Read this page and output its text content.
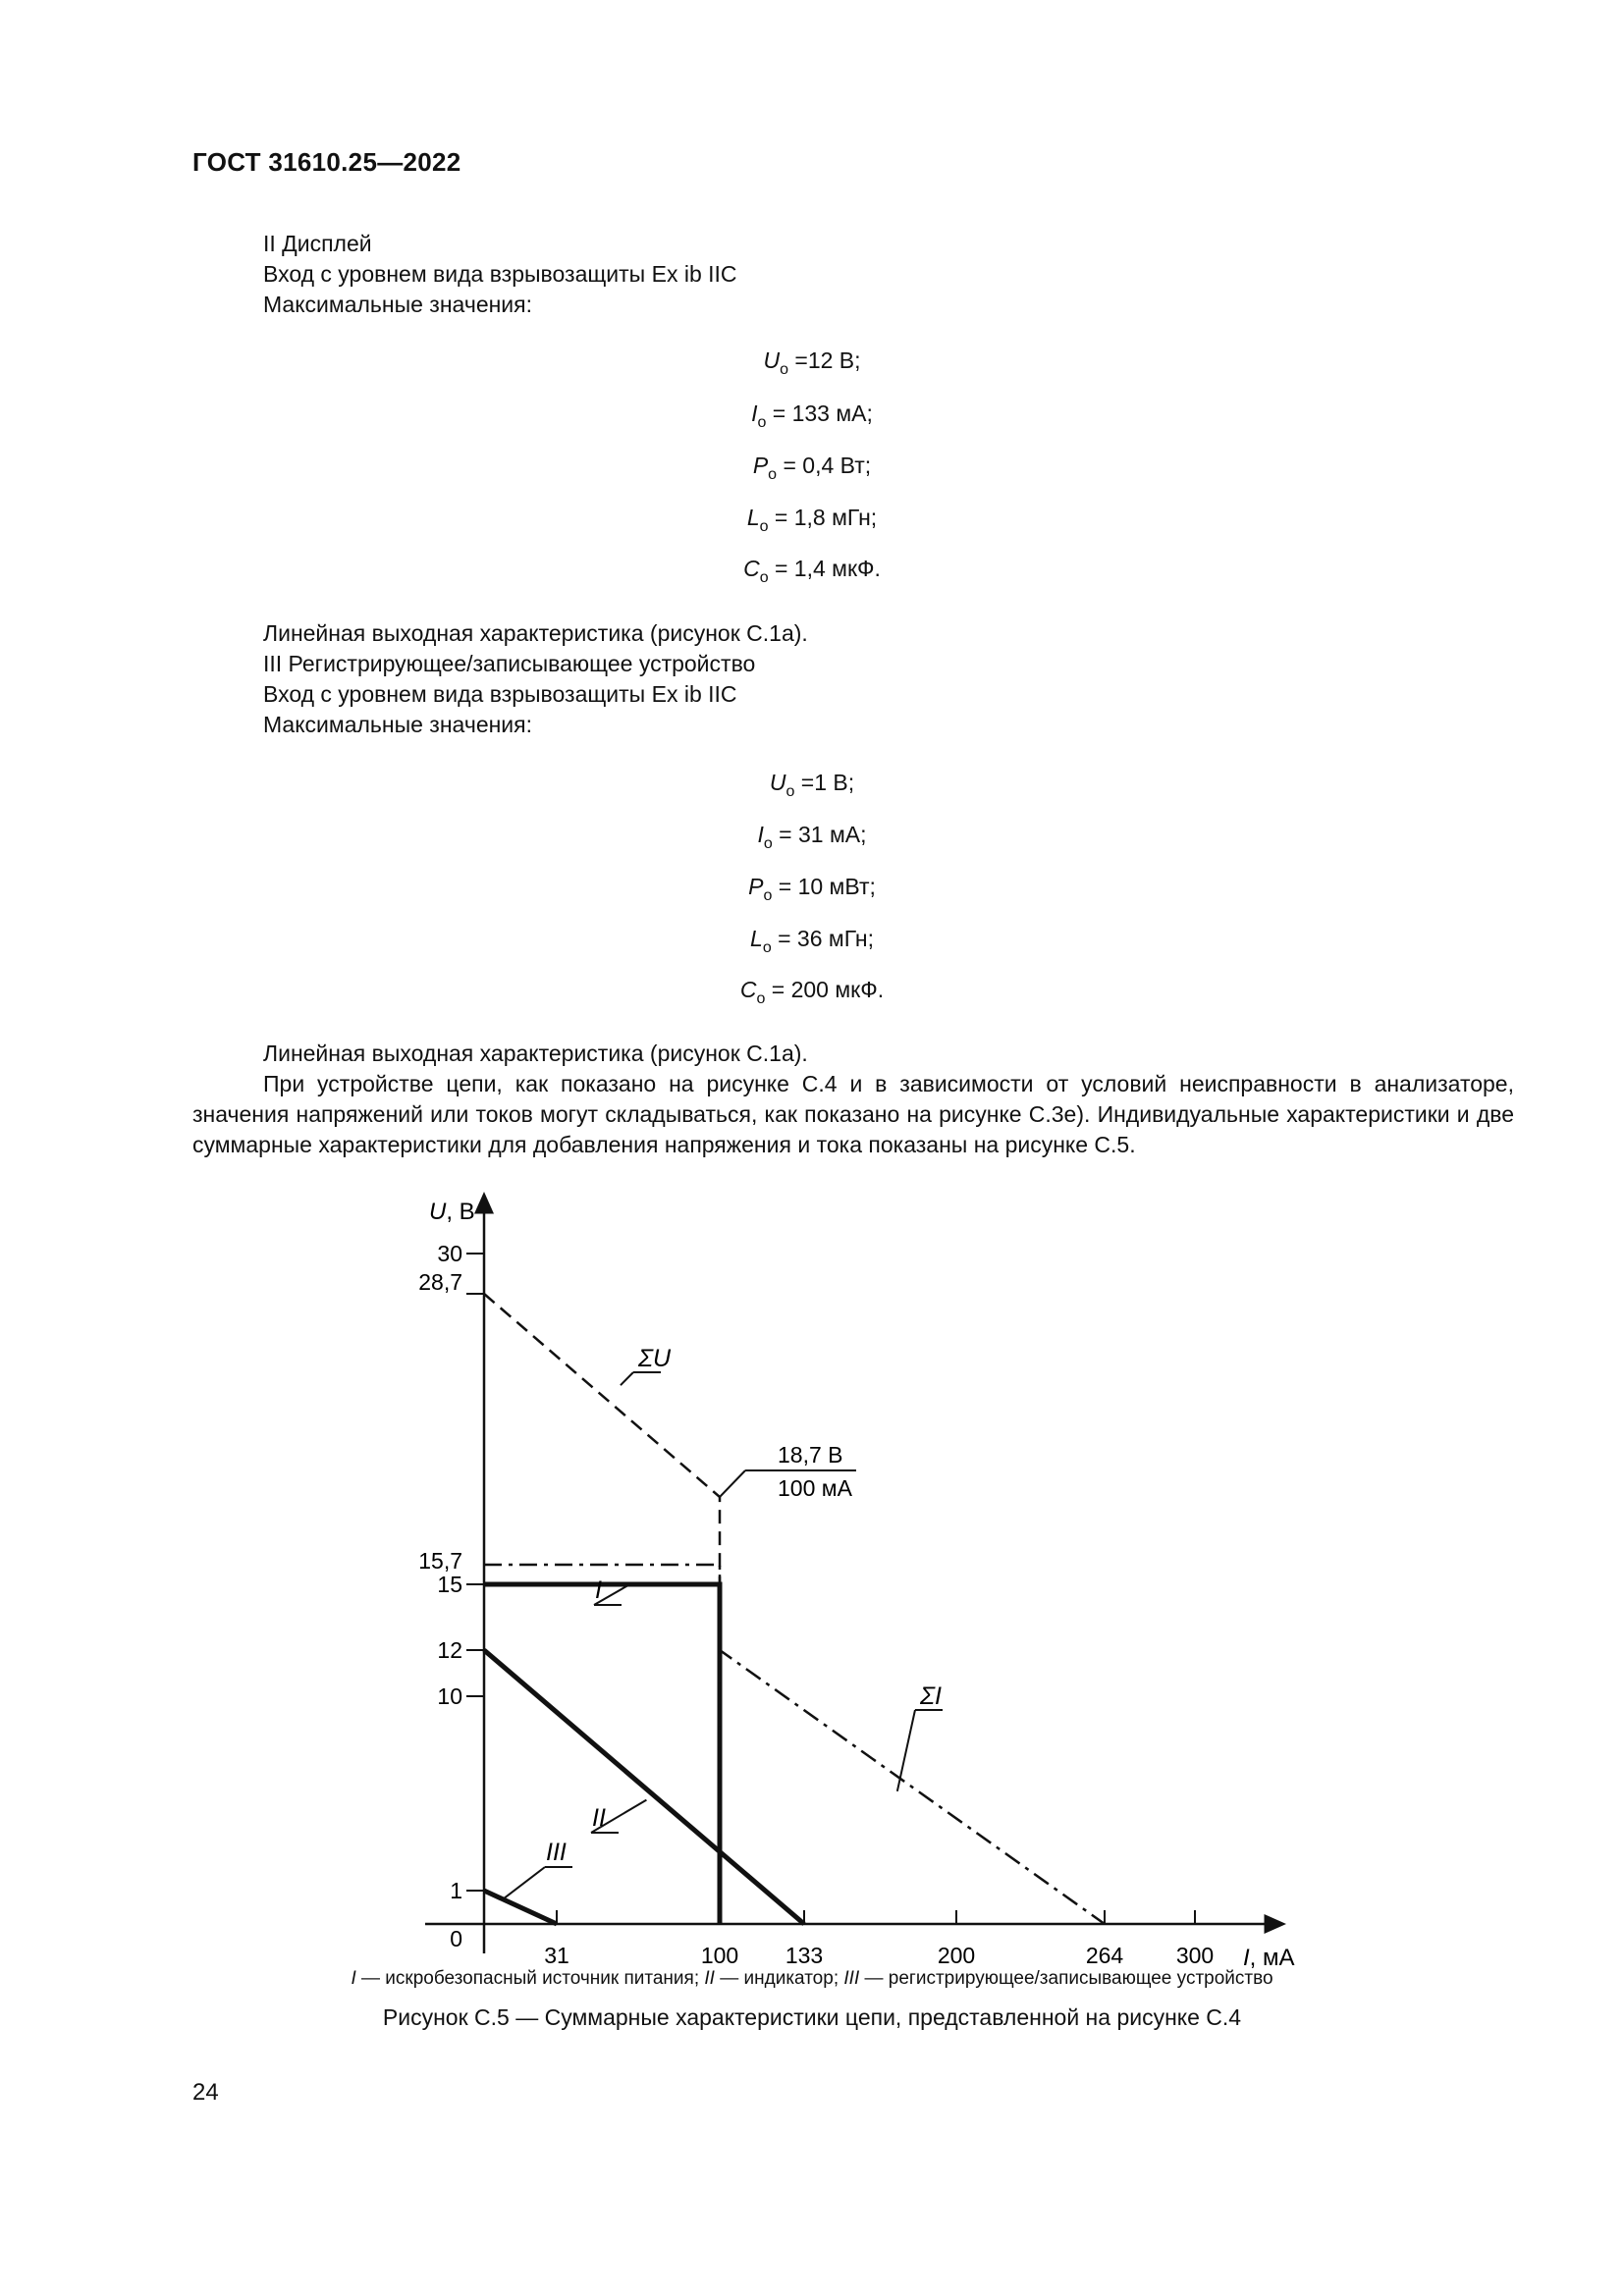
ГОСТ 31610.25—2022
II Дисплей
Вход с уровнем вида взрывозащиты Ex ib IIC
Максимальные значения:
$U_o =12$ В;
$I_o = 133$ мА;
$P_o = 0,4$ Вт;
$L_o = 1,8$ мГн;
$C_o = 1,4$ мкФ.
Линейная выходная характеристика (рисунок С.1а).
III Регистрирующее/записывающее устройство
Вход с уровнем вида взрывозащиты Ex ib IIC
Максимальные значения:
$U_o =1$ В;
$I_o = 31$ мА;
$P_o = 10$ мВт;
$L_o = 36$ мГн;
$C_o = 200$ мкФ.
Линейная выходная характеристика (рисунок С.1а).
При устройстве цепи, как показано на рисунке С.4 и в зависимости от условий неисправности в анализаторе, значения напряжений или токов могут складываться, как показано на рисунке С.3е). Индивидуальные характеристики и две суммарные характеристики для добавления напряжения и тока показаны на рисунке С.5.
30
28,7
15,7
15
12
10
1
0
31	100 133	200	264 300
U, В
I, мА
ΣU
ΣI
I
II
III
18,7 В
100 мА
I — искробезопасный источник питания; II — индикатор; III — регистрирующее/записывающее устройство
Рисунок С.5 — Суммарные характеристики цепи, представленной на рисунке С.4
24
